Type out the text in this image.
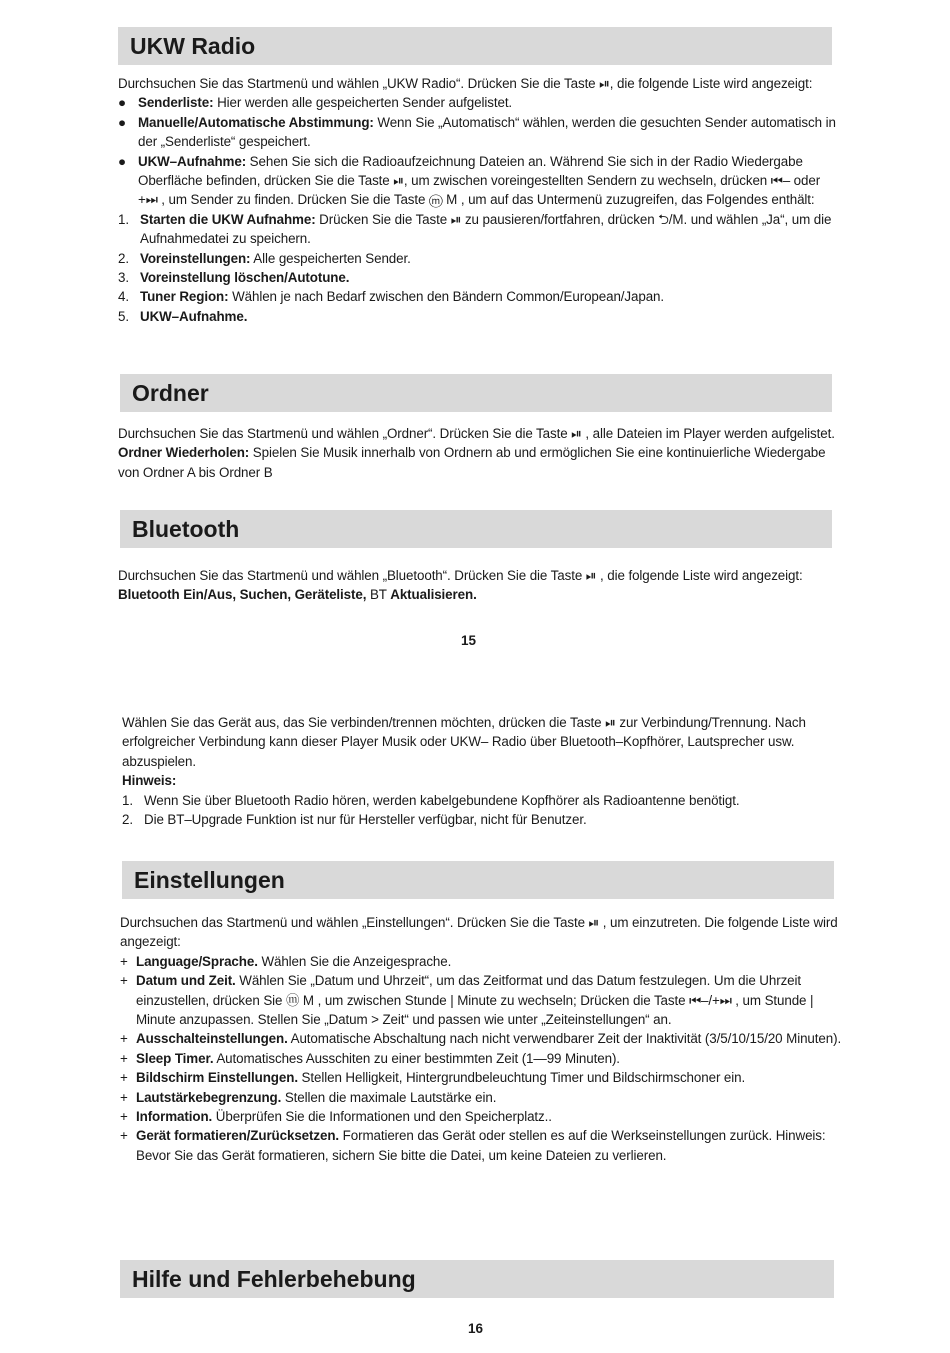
UKW Radio

Durchsuchen Sie das Startmenü und wählen „UKW Radio“. Drücken Sie die Taste ⏯, die folgende Liste wird angezeigt:

● Senderliste: Hier werden alle gespeicherten Sender aufgelistet.
● Manuelle/Automatische Abstimmung: Wenn Sie „Automatisch“ wählen, werden die gesuchten Sender automatisch in der „Senderliste“ gespeichert.
● UKW–Aufnahme: Sehen Sie sich die Radioaufzeichnung Dateien an. Während Sie sich in der Radio Wiedergabe Oberfläche befinden, drücken Sie die Taste ⏯, um zwischen voreingestellten Sendern zu wechseln, drücken ⏮– oder +⏭ , um Sender zu finden. Drücken Sie die Taste ⓜ M , um auf das Untermenü zuzugreifen, das Folgendes enthält:
1. Starten die UKW Aufnahme: Drücken Sie die Taste ⏯ zu pausieren/fortfahren, drücken ⮌/M. und wählen „Ja“, um die Aufnahmedatei zu speichern.
2. Voreinstellungen: Alle gespeicherten Sender.
3. Voreinstellung löschen/Autotune.
4. Tuner Region: Wählen je nach Bedarf zwischen den Bändern Common/European/Japan.
5. UKW–Aufnahme.
Ordner

Durchsuchen Sie das Startmenü und wählen „Ordner“. Drücken Sie die Taste ⏯ , alle Dateien im Player werden aufgelistet.

Ordner Wiederholen: Spielen Sie Musik innerhalb von Ordnern ab und ermöglichen Sie eine kontinuierliche Wiedergabe von Ordner A bis Ordner B

Bluetooth

Durchsuchen Sie das Startmenü und wählen „Bluetooth“. Drücken Sie die Taste ⏯ , die folgende Liste wird angezeigt: Bluetooth Ein/Aus, Suchen, Geräteliste, BT Aktualisieren.

15

Wählen Sie das Gerät aus, das Sie verbinden/trennen möchten, drücken die Taste ⏯ zur Verbindung/Trennung. Nach erfolgreicher Verbindung kann dieser Player Musik oder UKW– Radio über Bluetooth–Kopfhörer, Lautsprecher usw. abzuspielen.

Hinweis:

1. Wenn Sie über Bluetooth Radio hören, werden kabelgebundene Kopfhörer als Radioantenne benötigt.
2. Die BT–Upgrade Funktion ist nur für Hersteller verfügbar, nicht für Benutzer.
Einstellungen

Durchsuchen das Startmenü und wählen „Einstellungen“. Drücken Sie die Taste ⏯ , um einzutreten. Die folgende Liste wird angezeigt:

+ Language/Sprache. Wählen Sie die Anzeigesprache.
+ Datum und Zeit. Wählen Sie „Datum und Uhrzeit“, um das Zeitformat und das Datum festzulegen. Um die Uhrzeit einzustellen, drücken Sie ⓜ M , um zwischen Stunde | Minute zu wechseln; Drücken die Taste ⏮–/+⏭ , um Stunde | Minute anzupassen. Stellen Sie „Datum > Zeit“ und passen wie unter „Zeiteinstellungen“ an.
+ Ausschalteinstellungen. Automatische Abschaltung nach nicht verwendbarer Zeit der Inaktivität (3/5/10/15/20 Minuten).
+ Sleep Timer. Automatisches Ausschiten zu einer bestimmten Zeit (1—99 Minuten).
+ Bildschirm Einstellungen. Stellen Helligkeit, Hintergrundbeleuchtung Timer und Bildschirmschoner ein.
+ Lautstärkebegrenzung. Stellen die maximale Lautstärke ein.
+ Information. Überprüfen Sie die Informationen und den Speicherplatz..
+ Gerät formatieren/Zurücksetzen. Formatieren das Gerät oder stellen es auf die Werkseinstellungen zurück. Hinweis: Bevor Sie das Gerät formatieren, sichern Sie bitte die Datei, um keine Dateien zu verlieren.
Hilfe und Fehlerbehebung
16
